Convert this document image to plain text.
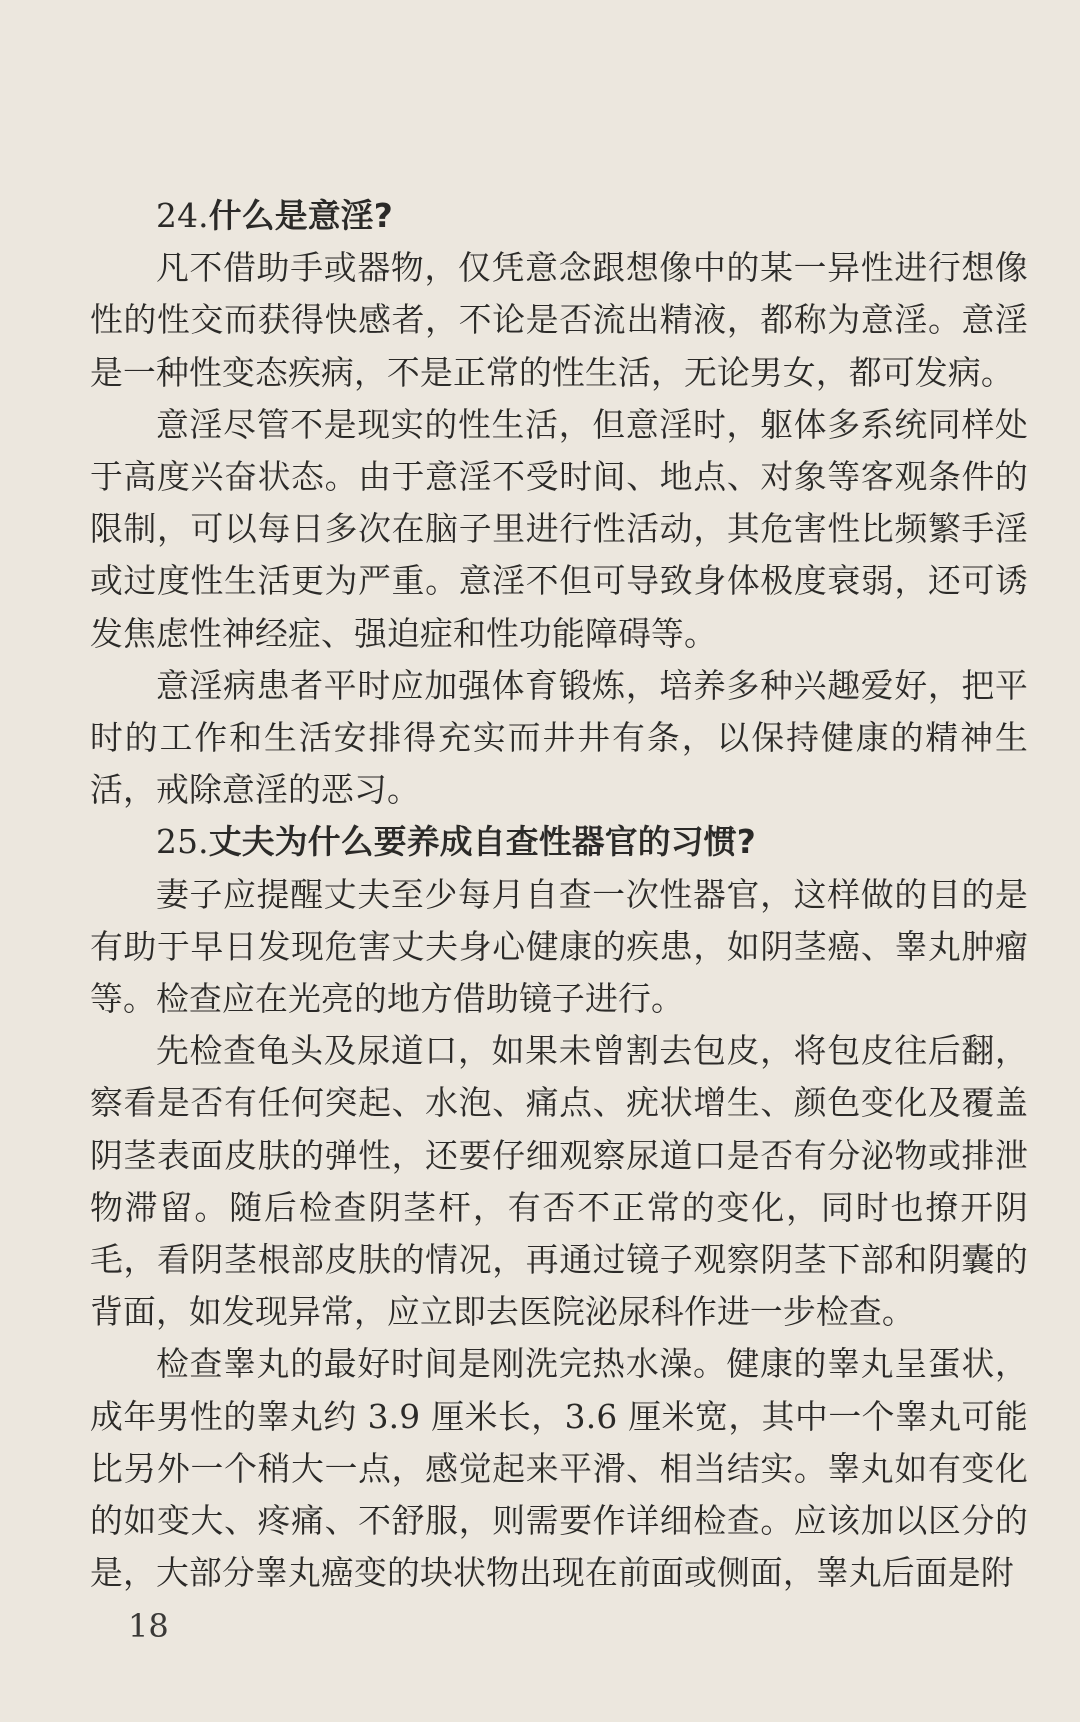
24.什么是意淫?

凡不借助手或器物，仅凭意念跟想像中的某一异性进行想像性的性交而获得快感者，不论是否流出精液，都称为意淫。意淫是一种性变态疾病，不是正常的性生活，无论男女，都可发病。

意淫尽管不是现实的性生活，但意淫时，躯体多系统同样处于高度兴奋状态。由于意淫不受时间、地点、对象等客观条件的限制，可以每日多次在脑子里进行性活动，其危害性比频繁手淫或过度性生活更为严重。意淫不但可导致身体极度衰弱，还可诱发焦虑性神经症、强迫症和性功能障碍等。

意淫病患者平时应加强体育锻炼，培养多种兴趣爱好，把平时的工作和生活安排得充实而井井有条，以保持健康的精神生活，戒除意淫的恶习。

25.丈夫为什么要养成自查性器官的习惯?

妻子应提醒丈夫至少每月自查一次性器官，这样做的目的是有助于早日发现危害丈夫身心健康的疾患，如阴茎癌、睾丸肿瘤等。检查应在光亮的地方借助镜子进行。

先检查龟头及尿道口，如果未曾割去包皮，将包皮往后翻，察看是否有任何突起、水泡、痛点、疣状增生、颜色变化及覆盖阴茎表面皮肤的弹性，还要仔细观察尿道口是否有分泌物或排泄物滞留。随后检查阴茎杆，有否不正常的变化，同时也撩开阴毛，看阴茎根部皮肤的情况，再通过镜子观察阴茎下部和阴囊的背面，如发现异常，应立即去医院泌尿科作进一步检查。

检查睾丸的最好时间是刚洗完热水澡。健康的睾丸呈蛋状，成年男性的睾丸约 3.9 厘米长，3.6 厘米宽，其中一个睾丸可能比另外一个稍大一点，感觉起来平滑、相当结实。睾丸如有变化的如变大、疼痛、不舒服，则需要作详细检查。应该加以区分的是，大部分睾丸癌变的块状物出现在前面或侧面，睾丸后面是附

18
